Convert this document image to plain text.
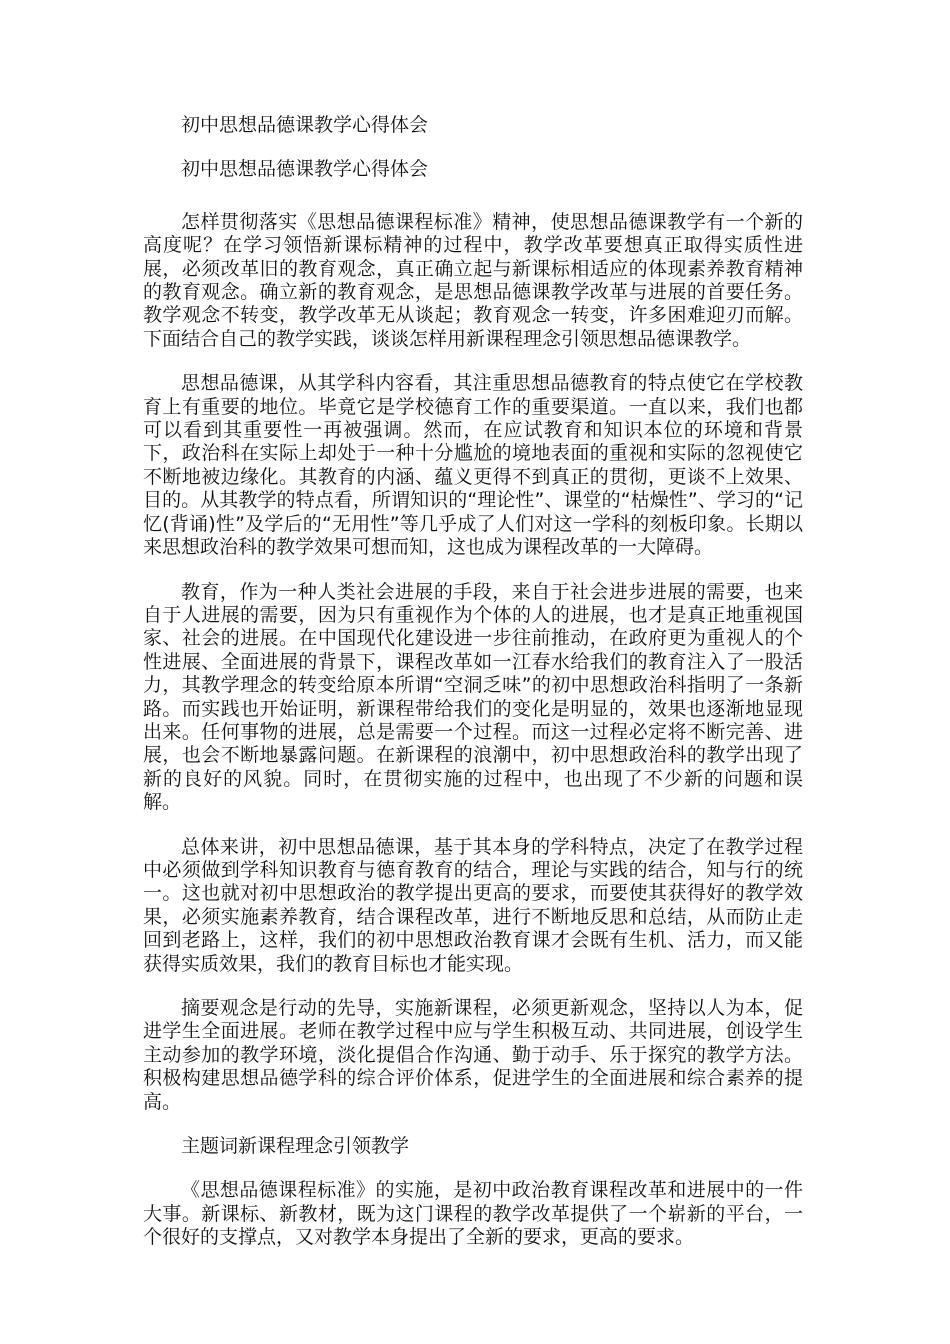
初中思想品德课教学心得体会

初中思想品德课教学心得体会

怎样贯彻落实《思想品德课程标准》精神，使思想品德课教学有一个新的高度呢？在学习领悟新课标精神的过程中，教学改革要想真正取得实质性进展，必须改革旧的教育观念，真正确立起与新课标相适应的体现素养教育精神的教育观念。确立新的教育观念，是思想品德课教学改革与进展的首要任务。教学观念不转变，教学改革无从谈起；教育观念一转变，许多困难迎刃而解。下面结合自己的教学实践，谈谈怎样用新课程理念引领思想品德课教学。

思想品德课，从其学科内容看，其注重思想品德教育的特点使它在学校教育上有重要的地位。毕竟它是学校德育工作的重要渠道。一直以来，我们也都可以看到其重要性一再被强调。然而，在应试教育和知识本位的环境和背景下，政治科在实际上却处于一种十分尴尬的境地表面的重视和实际的忽视使它不断地被边缘化。其教育的内涵、蕴义更得不到真正的贯彻，更谈不上效果、目的。从其教学的特点看，所谓知识的“理论性”、课堂的“枯燥性”、学习的“记忆(背诵)性”及学后的“无用性”等几乎成了人们对这一学科的刻板印象。长期以来思想政治科的教学效果可想而知，这也成为课程改革的一大障碍。

教育，作为一种人类社会进展的手段，来自于社会进步进展的需要，也来自于人进展的需要，因为只有重视作为个体的人的进展，也才是真正地重视国家、社会的进展。在中国现代化建设进一步往前推动，在政府更为重视人的个性进展、全面进展的背景下，课程改革如一江春水给我们的教育注入了一股活力，其教学理念的转变给原本所谓“空洞乏味”的初中思想政治科指明了一条新路。而实践也开始证明，新课程带给我们的变化是明显的，效果也逐渐地显现出来。任何事物的进展，总是需要一个过程。而这一过程必定将不断完善、进展，也会不断地暴露问题。在新课程的浪潮中，初中思想政治科的教学出现了新的良好的风貌。同时，在贯彻实施的过程中，也出现了不少新的问题和误解。

总体来讲，初中思想品德课，基于其本身的学科特点，决定了在教学过程中必须做到学科知识教育与德育教育的结合，理论与实践的结合，知与行的统一。这也就对初中思想政治的教学提出更高的要求，而要使其获得好的教学效果，必须实施素养教育，结合课程改革，进行不断地反思和总结，从而防止走回到老路上，这样，我们的初中思想政治教育课才会既有生机、活力，而又能获得实质效果，我们的教育目标也才能实现。

摘要观念是行动的先导，实施新课程，必须更新观念，坚持以人为本，促进学生全面进展。老师在教学过程中应与学生积极互动、共同进展，创设学生主动参加的教学环境，淡化提倡合作沟通、勤于动手、乐于探究的教学方法。积极构建思想品德学科的综合评价体系，促进学生的全面进展和综合素养的提高。

主题词新课程理念引领教学

《思想品德课程标准》的实施，是初中政治教育课程改革和进展中的一件大事。新课标、新教材，既为这门课程的教学改革提供了一个崭新的平台，一个很好的支撑点，又对教学本身提出了全新的要求，更高的要求。
